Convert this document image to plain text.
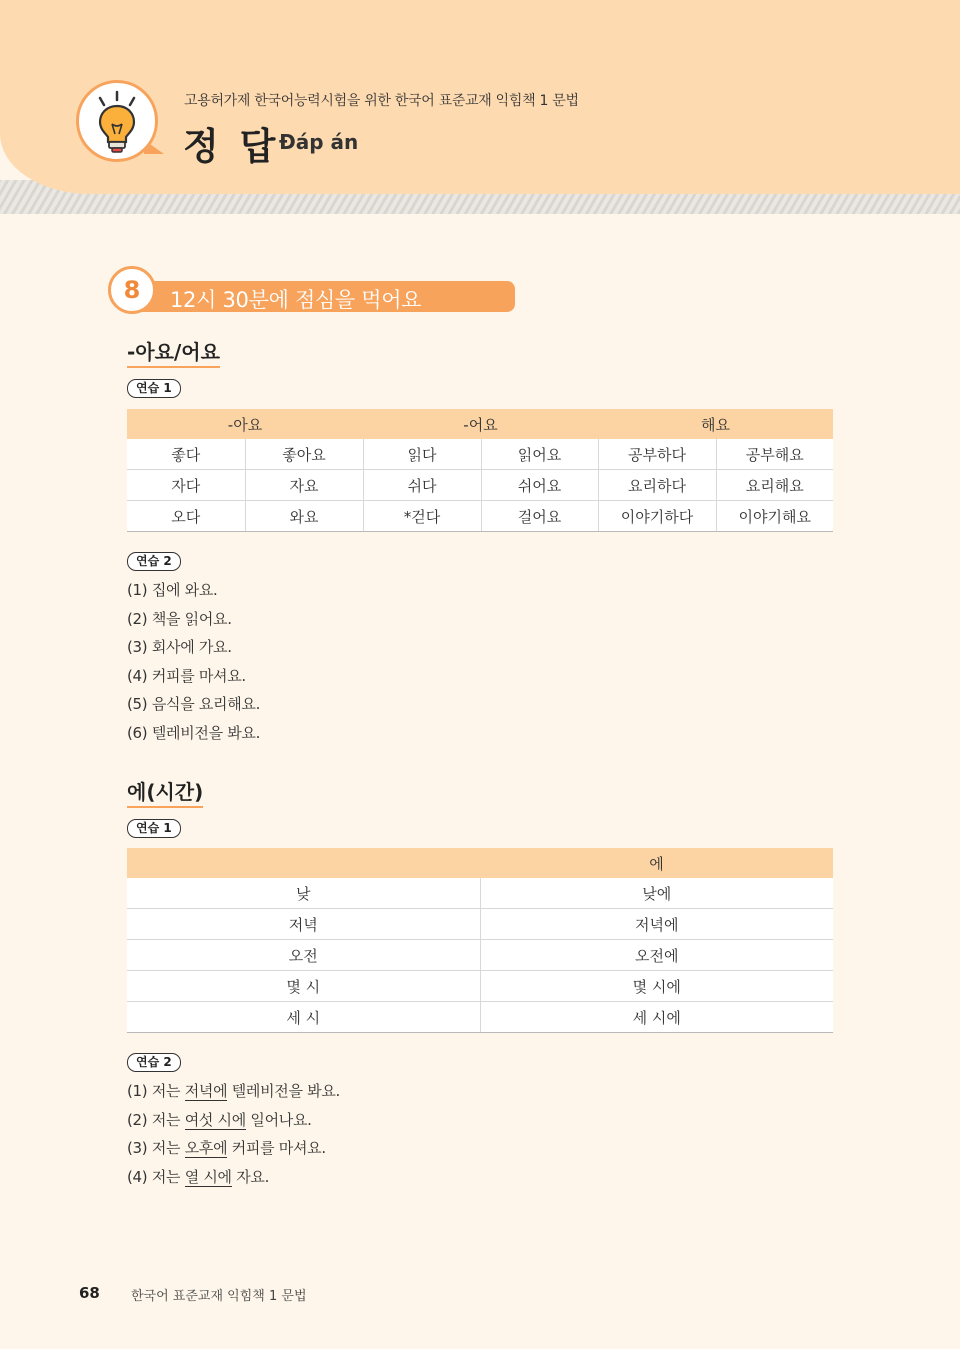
고용허가제 한국어능력시험을 위한 한국어 표준교재 익힘책 1 문법
정 답 Đáp án
8	12시 30분에 점심을 먹어요
-아요/어요
연습 1
-아요		-어요		해요	
좋다	좋아요	읽다	읽어요	공부하다	공부해요
자다	자요	쉬다	쉬어요	요리하다	요리해요
오다	와요	*걷다	걸어요	이야기하다	이야기해요
연습 2
(1) 집에 와요.
(2) 책을 읽어요.
(3) 회사에 가요.
(4) 커피를 마셔요.
(5) 음식을 요리해요.
(6) 텔레비전을 봐요.
에(시간)
연습 1
	에
낮	낮에
저녁	저녁에
오전	오전에
몇 시	몇 시에
세 시	세 시에
연습 2
(1) 저는 저녁에 텔레비전을 봐요.
(2) 저는 여섯 시에 일어나요.
(3) 저는 오후에 커피를 마셔요.
(4) 저는 열 시에 자요.
68 한국어 표준교재 익힘책 1 문법
